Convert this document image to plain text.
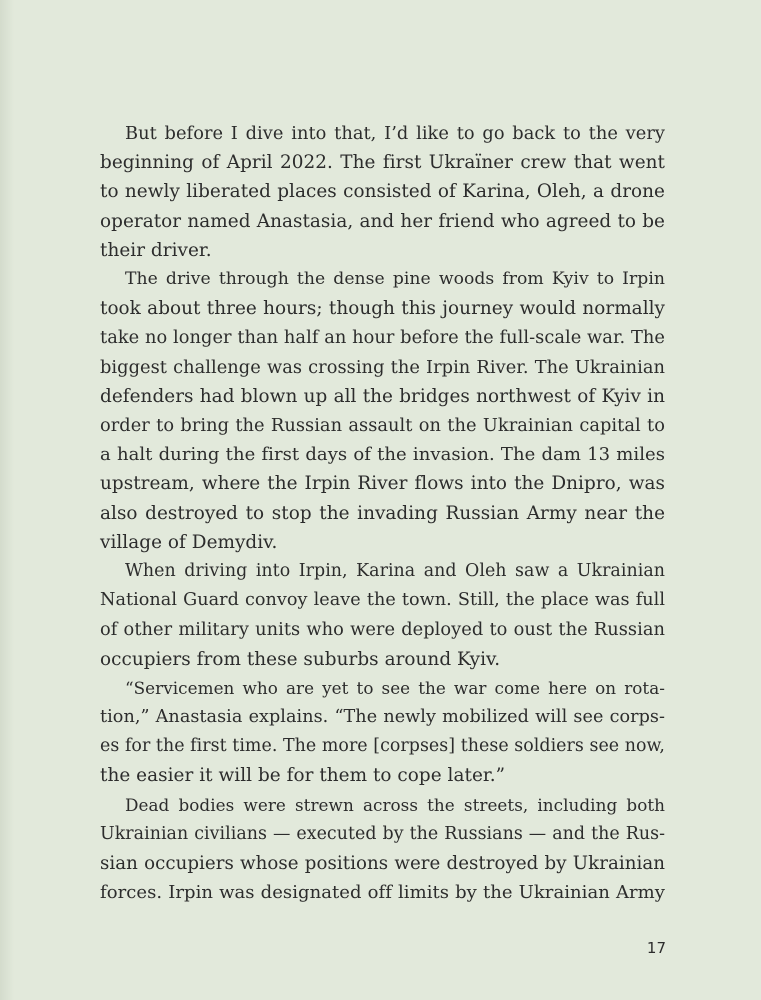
But before I dive into that, I’d like to go back to the very
beginning of April 2022. The first Ukraїner crew that went
to newly liberated places consisted of Karina, Oleh, a drone
operator named Anastasia, and her friend who agreed to be
their driver.

The drive through the dense pine woods from Kyiv to Irpin
took about three hours; though this journey would normally
take no longer than half an hour before the full-scale war. The
biggest challenge was crossing the Irpin River. The Ukrainian
defenders had blown up all the bridges northwest of Kyiv in
order to bring the Russian assault on the Ukrainian capital to
a halt during the first days of the invasion. The dam 13 miles
upstream, where the Irpin River flows into the Dnipro, was
also destroyed to stop the invading Russian Army near the
village of Demydiv.

When driving into Irpin, Karina and Oleh saw a Ukrainian
National Guard convoy leave the town. Still, the place was full
of other military units who were deployed to oust the Russian
occupiers from these suburbs around Kyiv.

“Servicemen who are yet to see the war come here on rota-
tion,” Anastasia explains. “The newly mobilized will see corps-
es for the first time. The more [corpses] these soldiers see now,
the easier it will be for them to cope later.”

Dead bodies were strewn across the streets, including both
Ukrainian civilians — executed by the Russians — and the Rus-
sian occupiers whose positions were destroyed by Ukrainian
forces. Irpin was designated off limits by the Ukrainian Army

17
